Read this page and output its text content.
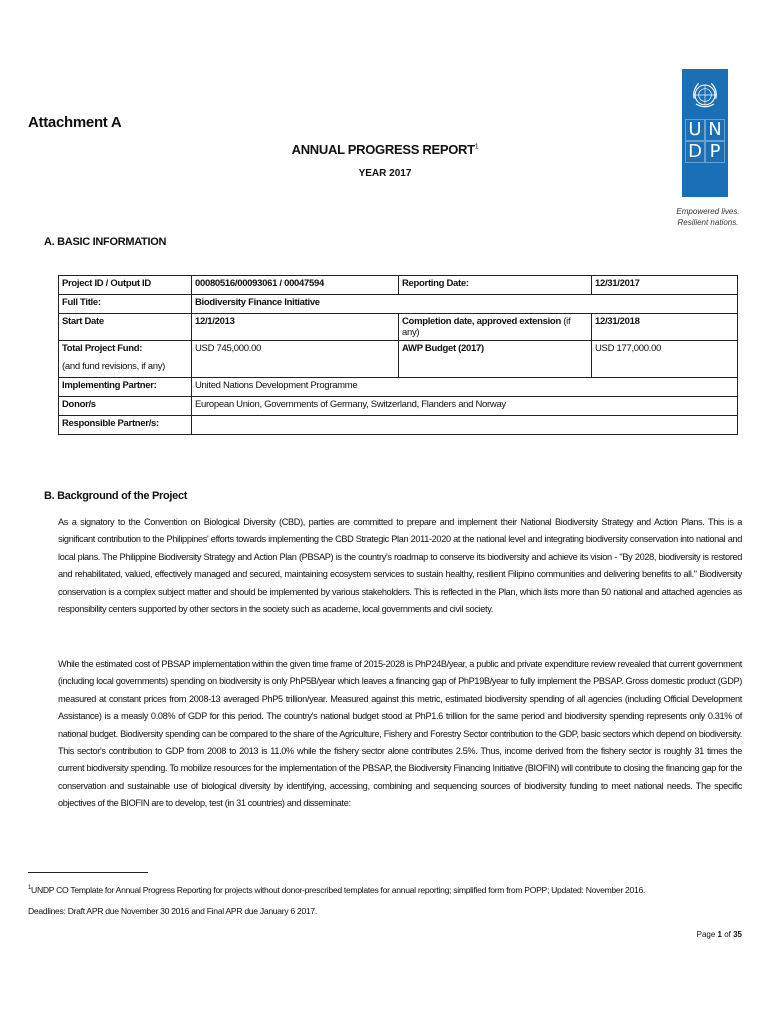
U N
D P
Empowered lives.
Resilient nations.
Attachment A
ANNUAL PROGRESS REPORT$^1$
YEAR 2017
A. BASIC INFORMATION
Project ID / Output ID	00080516/00093061 / 00047594	Reporting Date:	12/31/2017
Full Title:	Biodiversity Finance Initiative		
Start Date	12/1/2013	Completion date, approved extension (if any)	12/31/2018
Total Project Fund:	USD 745,000.00	AWP Budget (2017)	USD 177,000.00
(and fund revisions, if any)			
Implementing Partner:	United Nations Development Programme		
Donor/s	European Union, Governments of Germany, Switzerland, Flanders and Norway		
Responsible Partner/s:			
B. Background of the Project
As a signatory to the Convention on Biological Diversity (CBD), parties are committed to prepare and implement their National Biodiversity Strategy and Action Plans. This is a significant contribution to the Philippines' efforts towards implementing the CBD Strategic Plan 2011-2020 at the national level and integrating biodiversity conservation into national and local plans. The Philippine Biodiversity Strategy and Action Plan (PBSAP) is the country's roadmap to conserve its biodiversity and achieve its vision - "By 2028, biodiversity is restored and rehabilitated, valued, effectively managed and secured, maintaining ecosystem services to sustain healthy, resilient Filipino communities and delivering benefits to all." Biodiversity conservation is a complex subject matter and should be implemented by various stakeholders. This is reflected in the Plan, which lists more than 50 national and attached agencies as responsibility centers supported by other sectors in the society such as academe, local governments and civil society.
While the estimated cost of PBSAP implementation within the given time frame of 2015-2028 is PhP24B/year, a public and private expenditure review revealed that current government (including local governments) spending on biodiversity is only PhP5B/year which leaves a financing gap of PhP19B/year to fully implement the PBSAP. Gross domestic product (GDP) measured at constant prices from 2008-13 averaged PhP5 trillion/year. Measured against this metric, estimated biodiversity spending of all agencies (including Official Development Assistance) is a measly 0.08% of GDP for this period. The country's national budget stood at PhP1.6 trillion for the same period and biodiversity spending represents only 0.31% of national budget. Biodiversity spending can be compared to the share of the Agriculture, Fishery and Forestry Sector contribution to the GDP, basic sectors which depend on biodiversity. This sector's contribution to GDP from 2008 to 2013 is 11.0% while the fishery sector alone contributes 2.5%. Thus, income derived from the fishery sector is roughly 31 times the current biodiversity spending. To mobilize resources for the implementation of the PBSAP, the Biodiversity Financing Initiative (BIOFIN) will contribute to closing the financing gap for the conservation and sustainable use of biological diversity by identifying, accessing, combining and sequencing sources of biodiversity funding to meet national needs. The specific objectives of the BIOFIN are to develop, test (in 31 countries) and disseminate:
$^1$UNDP CO Template for Annual Progress Reporting for projects without donor-prescribed templates for annual reporting; simplified form from POPP; Updated: November 2016.
Deadlines: Draft APR due November 30 2016 and Final APR due January 6 2017.
Page 1 of 35
